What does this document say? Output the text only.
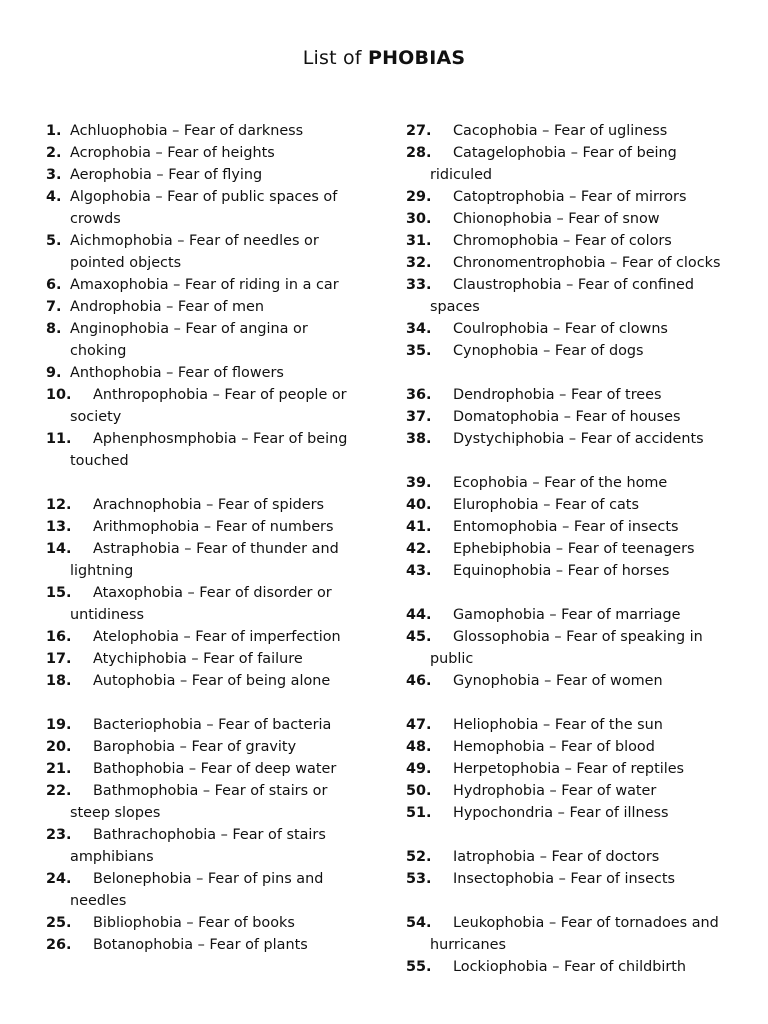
List of PHOBIAS
1. Achluophobia – Fear of darkness
2. Acrophobia – Fear of heights
3. Aerophobia – Fear of flying
4. Algophobia – Fear of public spaces of
crowds
5. Aichmophobia – Fear of needles or
pointed objects
6. Amaxophobia – Fear of riding in a car
7. Androphobia – Fear of men
8. Anginophobia – Fear of angina or
choking
9. Anthophobia – Fear of flowers
10. Anthropophobia – Fear of people or
society
11. Aphenphosmphobia – Fear of being
touched
12. Arachnophobia – Fear of spiders
13. Arithmophobia – Fear of numbers
14. Astraphobia – Fear of thunder and
lightning
15. Ataxophobia – Fear of disorder or
untidiness
16. Atelophobia – Fear of imperfection
17. Atychiphobia – Fear of failure
18. Autophobia – Fear of being alone
19. Bacteriophobia – Fear of bacteria
20. Barophobia – Fear of gravity
21. Bathophobia – Fear of deep water
22. Bathmophobia – Fear of stairs or
steep slopes
23. Bathrachophobia – Fear of stairs
amphibians
24. Belonephobia – Fear of pins and
needles
25. Bibliophobia – Fear of books
26. Botanophobia – Fear of plants
27. Cacophobia – Fear of ugliness
28. Catagelophobia – Fear of being
ridiculed
29. Catoptrophobia – Fear of mirrors
30. Chionophobia – Fear of snow
31. Chromophobia – Fear of colors
32. Chronomentrophobia – Fear of clocks
33. Claustrophobia – Fear of confined
spaces
34. Coulrophobia – Fear of clowns
35. Cynophobia – Fear of dogs
36. Dendrophobia – Fear of trees
37. Domatophobia – Fear of houses
38. Dystychiphobia – Fear of accidents
39. Ecophobia – Fear of the home
40. Elurophobia – Fear of cats
41. Entomophobia – Fear of insects
42. Ephebiphobia – Fear of teenagers
43. Equinophobia – Fear of horses
44. Gamophobia – Fear of marriage
45. Glossophobia – Fear of speaking in
public
46. Gynophobia – Fear of women
47. Heliophobia – Fear of the sun
48. Hemophobia – Fear of blood
49. Herpetophobia – Fear of reptiles
50. Hydrophobia – Fear of water
51. Hypochondria – Fear of illness
52. Iatrophobia – Fear of doctors
53. Insectophobia – Fear of insects
54. Leukophobia – Fear of tornadoes and
hurricanes
55. Lockiophobia – Fear of childbirth
